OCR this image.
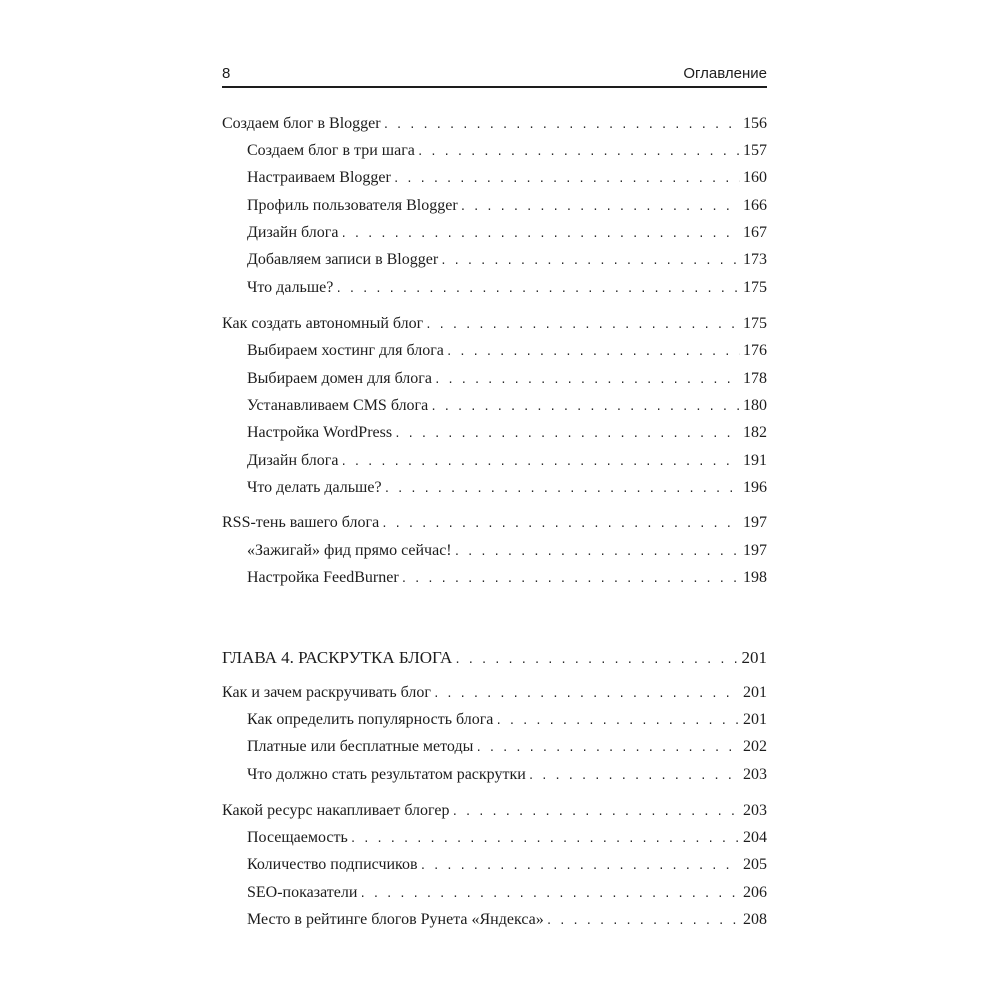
8	Оглавление
Создаем блог в Blogger . . .	156
Создаем блог в три шага . . .	157
Настраиваем Blogger . . .	160
Профиль пользователя Blogger . . .	166
Дизайн блога . . .	167
Добавляем записи в Blogger . . .	173
Что дальше? . . .	175
Как создать автономный блог . . .	175
Выбираем хостинг для блога . . .	176
Выбираем домен для блога . . .	178
Устанавливаем CMS блога . . .	180
Настройка WordPress . . .	182
Дизайн блога . . .	191
Что делать дальше? . . .	196
RSS-тень вашего блога . . .	197
«Зажигай» фид прямо сейчас! . . .	197
Настройка FeedBurner . . .	198
ГЛАВА 4. РАСКРУТКА БЛОГА . . .	201
Как и зачем раскручивать блог . . .	201
Как определить популярность блога . . .	201
Платные или бесплатные методы . . .	202
Что должно стать результатом раскрутки . . .	203
Какой ресурс накапливает блогер . . .	203
Посещаемость . . .	204
Количество подписчиков . . .	205
SEO-показатели . . .	206
Место в рейтинге блогов Рунета «Яндекса» . . .	208
